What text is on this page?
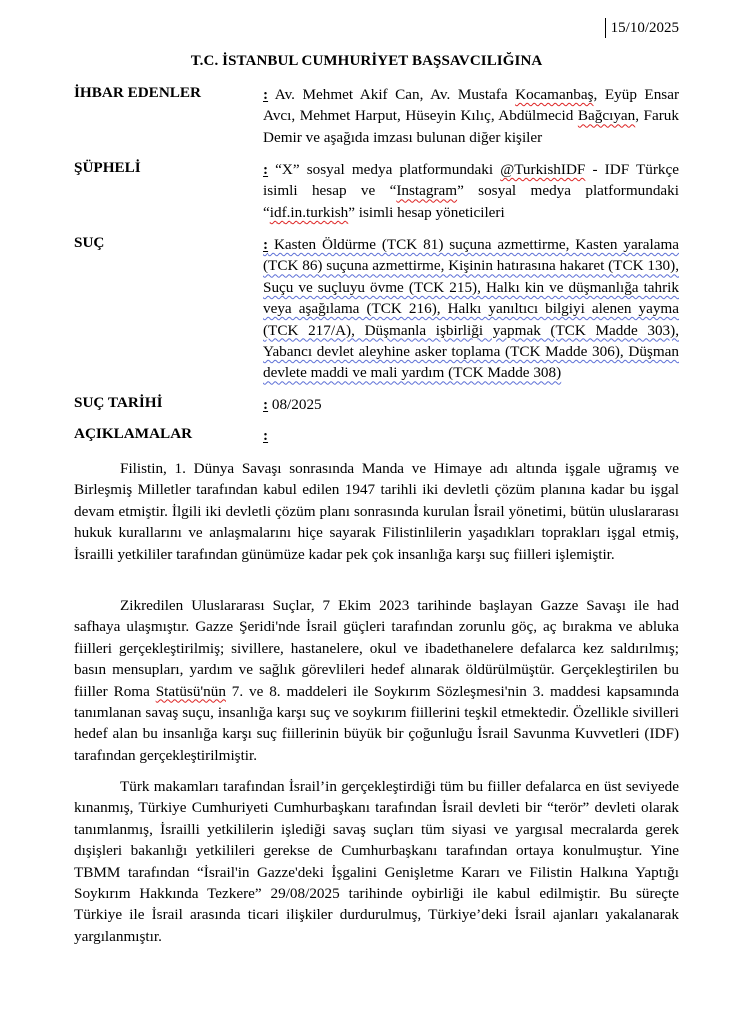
15/10/2025
T.C. İSTANBUL CUMHURİYET BAŞSAVCILIĞINA
İHBAR EDENLER	: Av. Mehmet Akif Can, Av. Mustafa Kocamanbaş, Eyüp Ensar Avcı, Mehmet Harput, Hüseyin Kılıç, Abdülmecid Bağcıyan, Faruk Demir ve aşağıda imzası bulunan diğer kişiler
ŞÜPHELİ	: “X” sosyal medya platformundaki @TurkishIDF - IDF Türkçe isimli hesap ve “Instagram” sosyal medya platformundaki “idf.in.turkish” isimli hesap yöneticileri
SUÇ	: Kasten Öldürme (TCK 81) suçuna azmettirme, Kasten yaralama (TCK 86) suçuna azmettirme, Kişinin hatırasına hakaret (TCK 130), Suçu ve suçluyu övme (TCK 215), Halkı kin ve düşmanlığa tahrik veya aşağılama (TCK 216), Halkı yanıltıcı bilgiyi alenen yayma (TCK 217/A), Düşmanla işbirliği yapmak (TCK Madde 303), Yabancı devlet aleyhine asker toplama (TCK Madde 306), Düşman devlete maddi ve mali yardım (TCK Madde 308)
SUÇ TARİHİ	: 08/2025
AÇIKLAMALAR	:
Filistin, 1. Dünya Savaşı sonrasında Manda ve Himaye adı altında işgale uğramış ve Birleşmiş Milletler tarafından kabul edilen 1947 tarihli iki devletli çözüm planına kadar bu işgal devam etmiştir. İlgili iki devletli çözüm planı sonrasında kurulan İsrail yönetimi, bütün uluslararası hukuk kurallarını ve anlaşmalarını hiçe sayarak Filistinlilerin yaşadıkları toprakları işgal etmiş, İsrailli yetkililer tarafından günümüze kadar pek çok insanlığa karşı suç fiilleri işlemiştir.
Zikredilen Uluslararası Suçlar, 7 Ekim 2023 tarihinde başlayan Gazze Savaşı ile had safhaya ulaşmıştır. Gazze Şeridi'nde İsrail güçleri tarafından zorunlu göç, aç bırakma ve abluka fiilleri gerçekleştirilmiş; sivillere, hastanelere, okul ve ibadethanelere defalarca kez saldırılmış; basın mensupları, yardım ve sağlık görevlileri hedef alınarak öldürülmüştür. Gerçekleştirilen bu fiiller Roma Statüsü'nün 7. ve 8. maddeleri ile Soykırım Sözleşmesi'nin 3. maddesi kapsamında tanımlanan savaş suçu, insanlığa karşı suç ve soykırım fiillerini teşkil etmektedir. Özellikle sivilleri hedef alan bu insanlığa karşı suç fiillerinin büyük bir çoğunluğu İsrail Savunma Kuvvetleri (IDF) tarafından gerçekleştirilmiştir.
Türk makamları tarafından İsrail’in gerçekleştirdiği tüm bu fiiller defalarca en üst seviyede kınanmış, Türkiye Cumhuriyeti Cumhurbaşkanı tarafından İsrail devleti bir “terör” devleti olarak tanımlanmış, İsrailli yetkililerin işlediği savaş suçları tüm siyasi ve yargısal mecralarda gerek dışişleri bakanlığı yetkilileri gerekse de Cumhurbaşkanı tarafından ortaya konulmuştur. Yine TBMM tarafından “İsrail'in Gazze'deki İşgalini Genişletme Kararı ve Filistin Halkına Yaptığı Soykırım Hakkında Tezkere” 29/08/2025 tarihinde oybirliği ile kabul edilmiştir. Bu süreçte Türkiye ile İsrail arasında ticari ilişkiler durdurulmuş, Türkiye’deki İsrail ajanları yakalanarak yargılanmıştır.
